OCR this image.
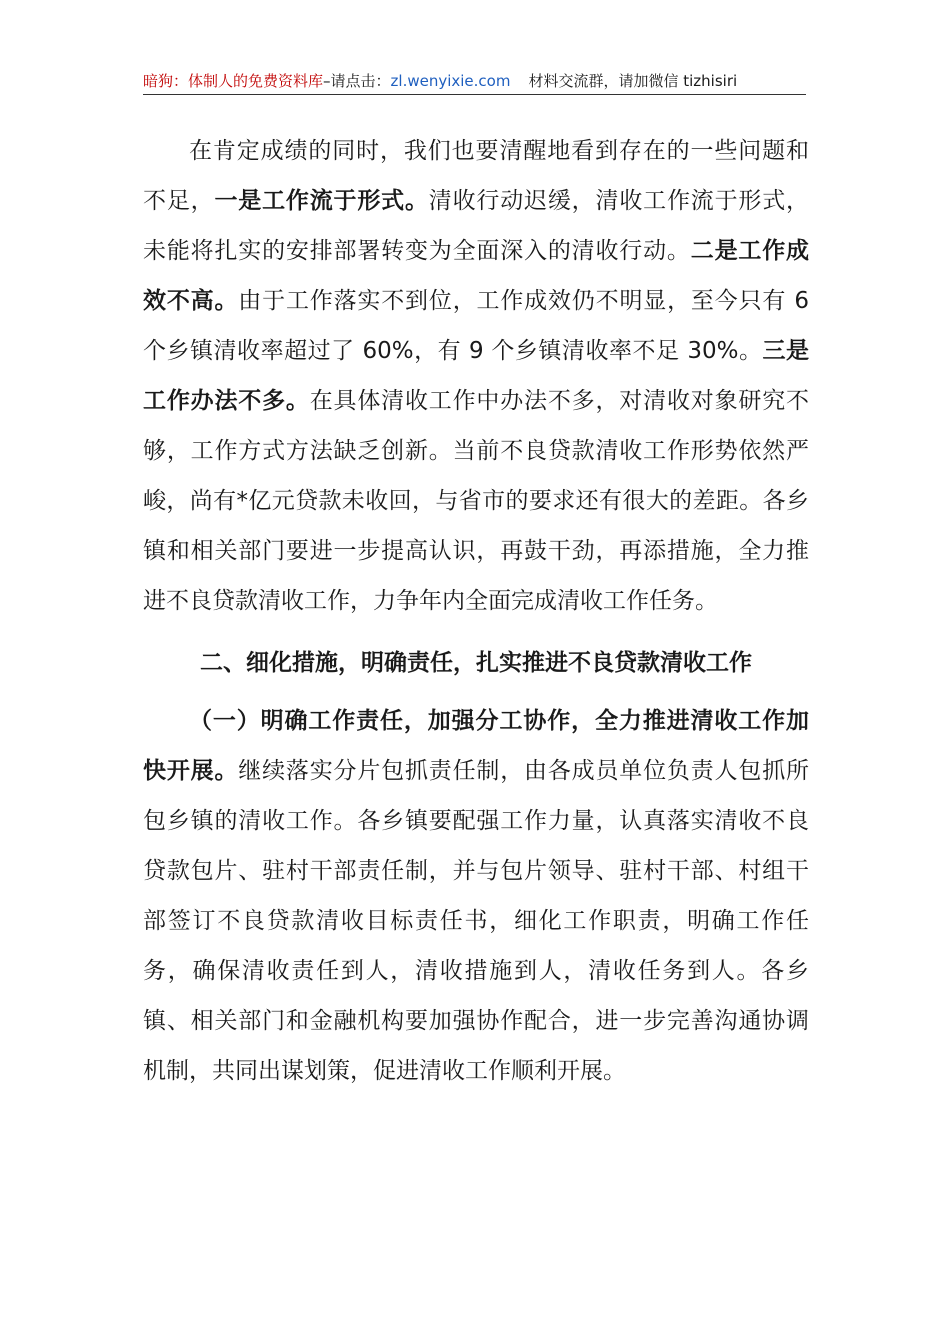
暗狗：体制人的免费资料库–请点击：zl.wenyixie.com 材料交流群，请加微信 tizhisiri

在肯定成绩的同时，我们也要清醒地看到存在的一些问题和不足，一是工作流于形式。清收行动迟缓，清收工作流于形式，未能将扎实的安排部署转变为全面深入的清收行动。二是工作成效不高。由于工作落实不到位，工作成效仍不明显，至今只有 6 个乡镇清收率超过了 60%，有 9 个乡镇清收率不足 30%。三是工作办法不多。在具体清收工作中办法不多，对清收对象研究不够，工作方式方法缺乏创新。当前不良贷款清收工作形势依然严峻，尚有*亿元贷款未收回，与省市的要求还有很大的差距。各乡镇和相关部门要进一步提高认识，再鼓干劲，再添措施，全力推进不良贷款清收工作，力争年内全面完成清收工作任务。

二、细化措施，明确责任，扎实推进不良贷款清收工作

（一）明确工作责任，加强分工协作，全力推进清收工作加快开展。继续落实分片包抓责任制，由各成员单位负责人包抓所包乡镇的清收工作。各乡镇要配强工作力量，认真落实清收不良贷款包片、驻村干部责任制，并与包片领导、驻村干部、村组干部签订不良贷款清收目标责任书，细化工作职责，明确工作任务，确保清收责任到人，清收措施到人，清收任务到人。各乡镇、相关部门和金融机构要加强协作配合，进一步完善沟通协调机制，共同出谋划策，促进清收工作顺利开展。
